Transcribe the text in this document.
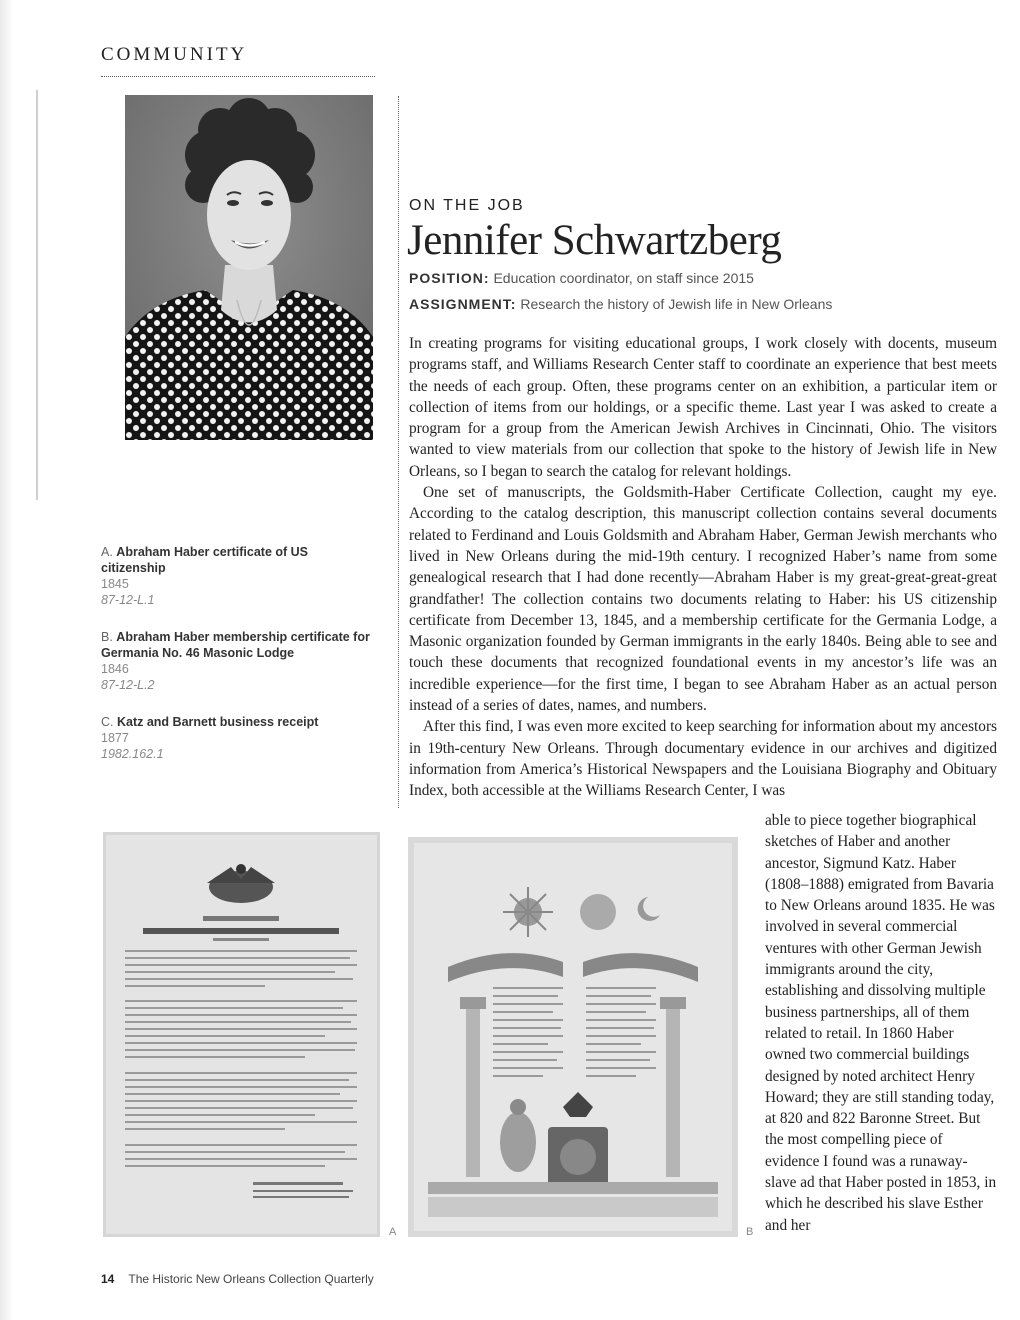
COMMUNITY
ON THE JOB
Jennifer Schwartzberg
POSITION: Education coordinator, on staff since 2015
ASSIGNMENT: Research the history of Jewish life in New Orleans

In creating programs for visiting educational groups, I work closely with docents, museum programs staff, and Williams Research Center staff to coordinate an experience that best meets the needs of each group. Often, these programs center on an exhibition, a particular item or collection of items from our holdings, or a specific theme. Last year I was asked to create a program for a group from the American Jewish Archives in Cincinnati, Ohio. The visitors wanted to view materials from our collection that spoke to the history of Jewish life in New Orleans, so I began to search the catalog for relevant holdings.

One set of manuscripts, the Goldsmith-Haber Certificate Collection, caught my eye. According to the catalog description, this manuscript collection contains several documents related to Ferdinand and Louis Goldsmith and Abraham Haber, German Jewish merchants who lived in New Orleans during the mid-19th century. I recognized Haber’s name from some genealogical research that I had done recently—Abraham Haber is my great-great-great-great grandfather! The collection contains two documents relating to Haber: his US citizenship certificate from December 13, 1845, and a membership certificate for the Germania Lodge, a Masonic organization founded by German immigrants in the early 1840s. Being able to see and touch these documents that recognized foundational events in my ancestor’s life was an incredible experience—for the first time, I began to see Abraham Haber as an actual person instead of a series of dates, names, and numbers.

After this find, I was even more excited to keep searching for information about my ancestors in 19th-century New Orleans. Through documentary evidence in our archives and digitized information from America’s Historical Newspapers and the Louisiana Biography and Obituary Index, both accessible at the Williams Research Center, I was

able to piece together biographical sketches of Haber and another ancestor, Sigmund Katz. Haber (1808–1888) emigrated from Bavaria to New Orleans around 1835. He was involved in several commercial ventures with other German Jewish immigrants around the city, establishing and dissolving multiple business partnerships, all of them related to retail. In 1860 Haber owned two commercial buildings designed by noted architect Henry Howard; they are still standing today, at 820 and 822 Baronne Street. But the most compelling piece of evidence I found was a runaway-slave ad that Haber posted in 1853, in which he described his slave Esther and her
A. Abraham Haber certificate of US citizenship
1845
87-12-L.1
B. Abraham Haber membership certificate for Germania No. 46 Masonic Lodge
1846
87-12-L.2
C. Katz and Barnett business receipt
1877
1982.162.1
A	B
14 The Historic New Orleans Collection Quarterly
